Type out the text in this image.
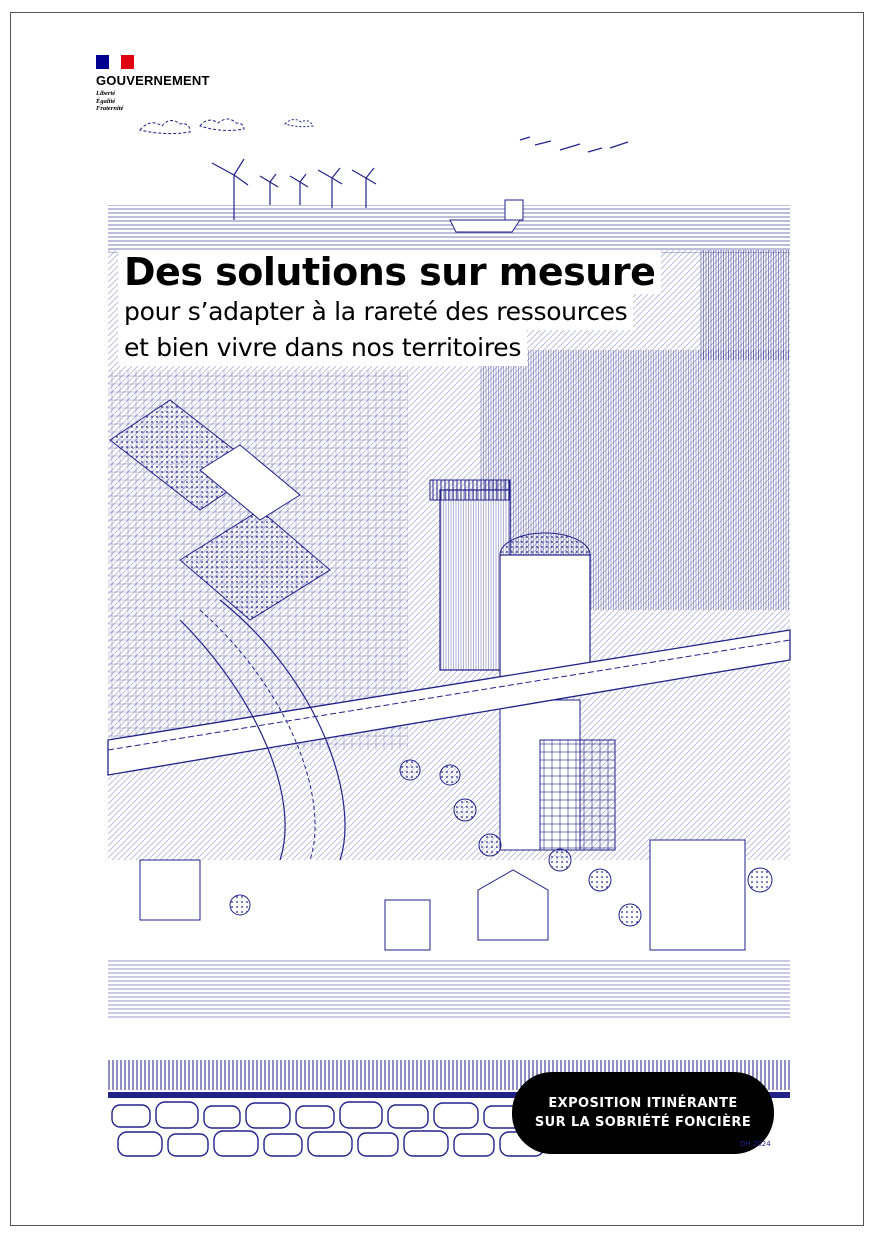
GOUVERNEMENT
Liberté
Égalité
Fraternité
Des solutions sur mesure
pour s’adapter à la rareté des ressources
et bien vivre dans nos territoires
EXPOSITION ITINÉRANTE
SUR LA SOBRIÉTÉ FONCIÈRE
DH 2024
